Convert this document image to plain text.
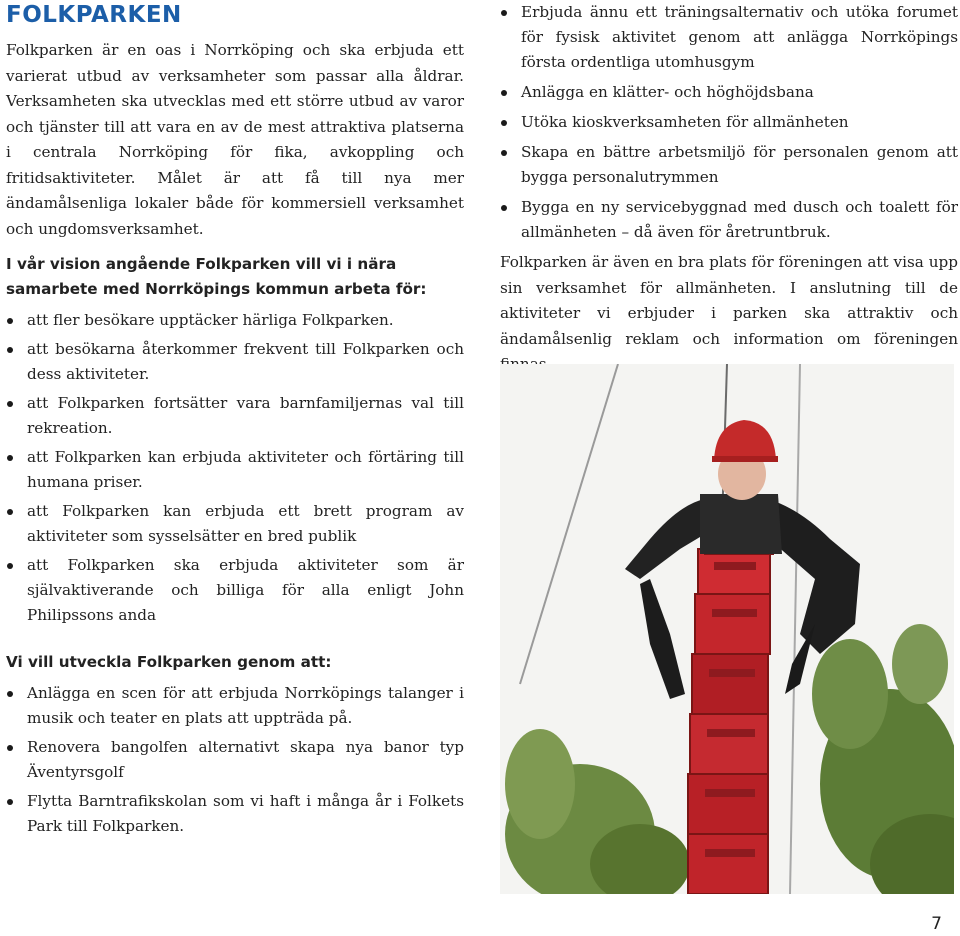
FOLKPARKEN

Folkparken är en oas i Norrköping och ska erbjuda ett varierat utbud av verksamheter som passar alla åldrar. Verksamheten ska utvecklas med ett större utbud av varor och tjänster till att vara en av de mest attraktiva platserna i centrala Norrköping för fika, avkoppling och fritidsaktiviteter. Målet är att få till nya mer ändamålsenliga lokaler både för kommersiell verksamhet och ungdomsverksamhet.

I vår vision angående Folkparken vill vi i nära samarbete med Norrköpings kommun arbeta för:
att fler besökare upptäcker härliga Folkparken.
att besökarna återkommer frekvent till Folkparken och dess aktiviteter.
att Folkparken fortsätter vara barnfamiljernas val till rekreation.
att Folkparken kan erbjuda aktiviteter och förtäring till humana priser.
att Folkparken kan erbjuda ett brett program av aktiviteter som sysselsätter en bred publik
att Folkparken ska erbjuda aktiviteter som är självaktiverande och billiga för alla enligt John Philipssons anda
Vi vill utveckla Folkparken genom att:
Anlägga en scen för att erbjuda Norrköpings talanger i musik och teater en plats att uppträda på.
Renovera bangolfen alternativt skapa nya banor typ Äventyrsgolf
Flytta Barntrafikskolan som vi haft i många år i Folkets Park till Folkparken.
Erbjuda ännu ett träningsalternativ och utöka forumet för fysisk aktivitet genom att anlägga Norrköpings första ordentliga utomhusgym
Anlägga en klätter- och höghöjdsbana
Utöka kioskverksamheten för allmänheten
Skapa en bättre arbetsmiljö för personalen genom att bygga personalutrymmen
Bygga en ny servicebyggnad med dusch och toalett för allmänheten – då även för åretruntbruk.

Folkparken är även en bra plats för föreningen att visa upp sin verksamhet för allmänheten. I anslutning till de aktiviteter vi erbjuder i parken ska attraktiv och ändamålsenlig reklam och information om föreningen

7
